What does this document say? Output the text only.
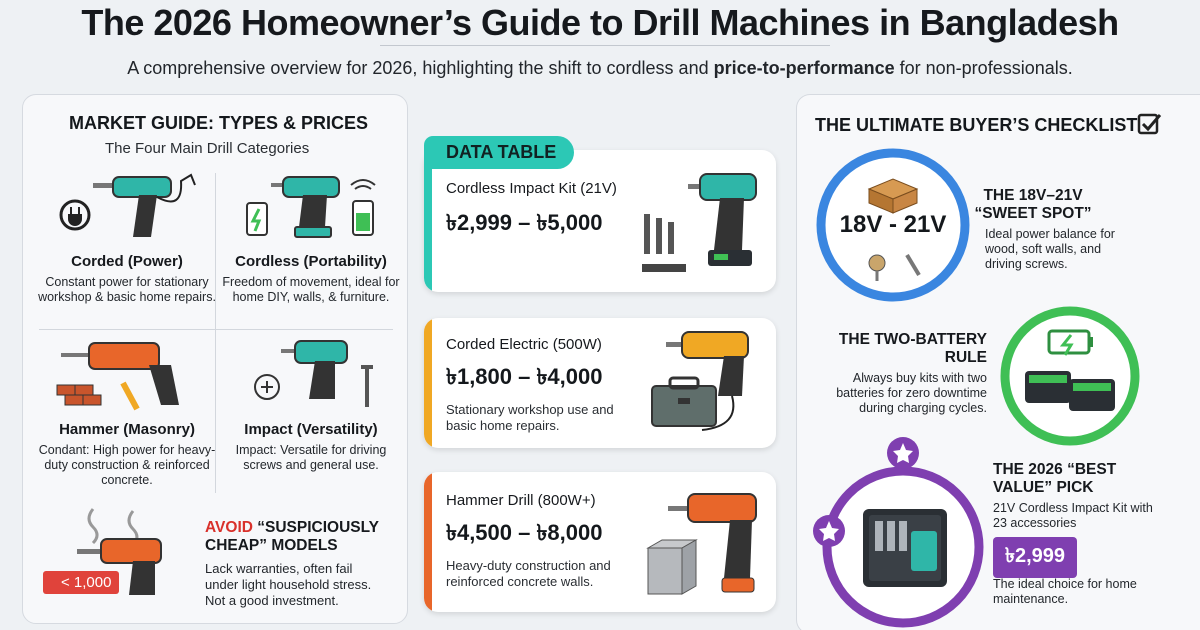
The 2026 Homeowner’s Guide to Drill Machines in Bangladesh
A comprehensive overview for 2026, highlighting the shift to cordless and price-to-performance for non-professionals.
MARKET GUIDE: TYPES & PRICES
The Four Main Drill Categories
Corded (Power)
Constant power for stationary workshop & basic home repairs.
Cordless (Portability)
Freedom of movement, ideal for home DIY, walls, & furniture.
Hammer (Masonry)
Condant: High power for heavy-duty construction & reinforced concrete.
Impact (Versatility)
Impact: Versatile for driving screws and general use.
< 1,000
AVOID “SUSPICIOUSLY CHEAP” MODELS
Lack warranties, often fail under light household stress. Not a good investment.
Cordless Impact Kit (21V)
৳2,999 – ৳5,000
DATA TABLE
Corded Electric (500W)
৳1,800 – ৳4,000
Stationary workshop use and basic home repairs.
Hammer Drill (800W+)
৳4,500 – ৳8,000
Heavy-duty construction and reinforced concrete walls.
THE ULTIMATE BUYER’S CHECKLIST
18V - 21V
THE 18V–21V “SWEET SPOT”
Ideal power balance for wood, soft walls, and driving screws.
THE TWO-BATTERY RULE
Always buy kits with two batteries for zero downtime during charging cycles.
THE 2026 “BEST VALUE” PICK
21V Cordless Impact Kit with 23 accessories
৳2,999
The ideal choice for home maintenance.
